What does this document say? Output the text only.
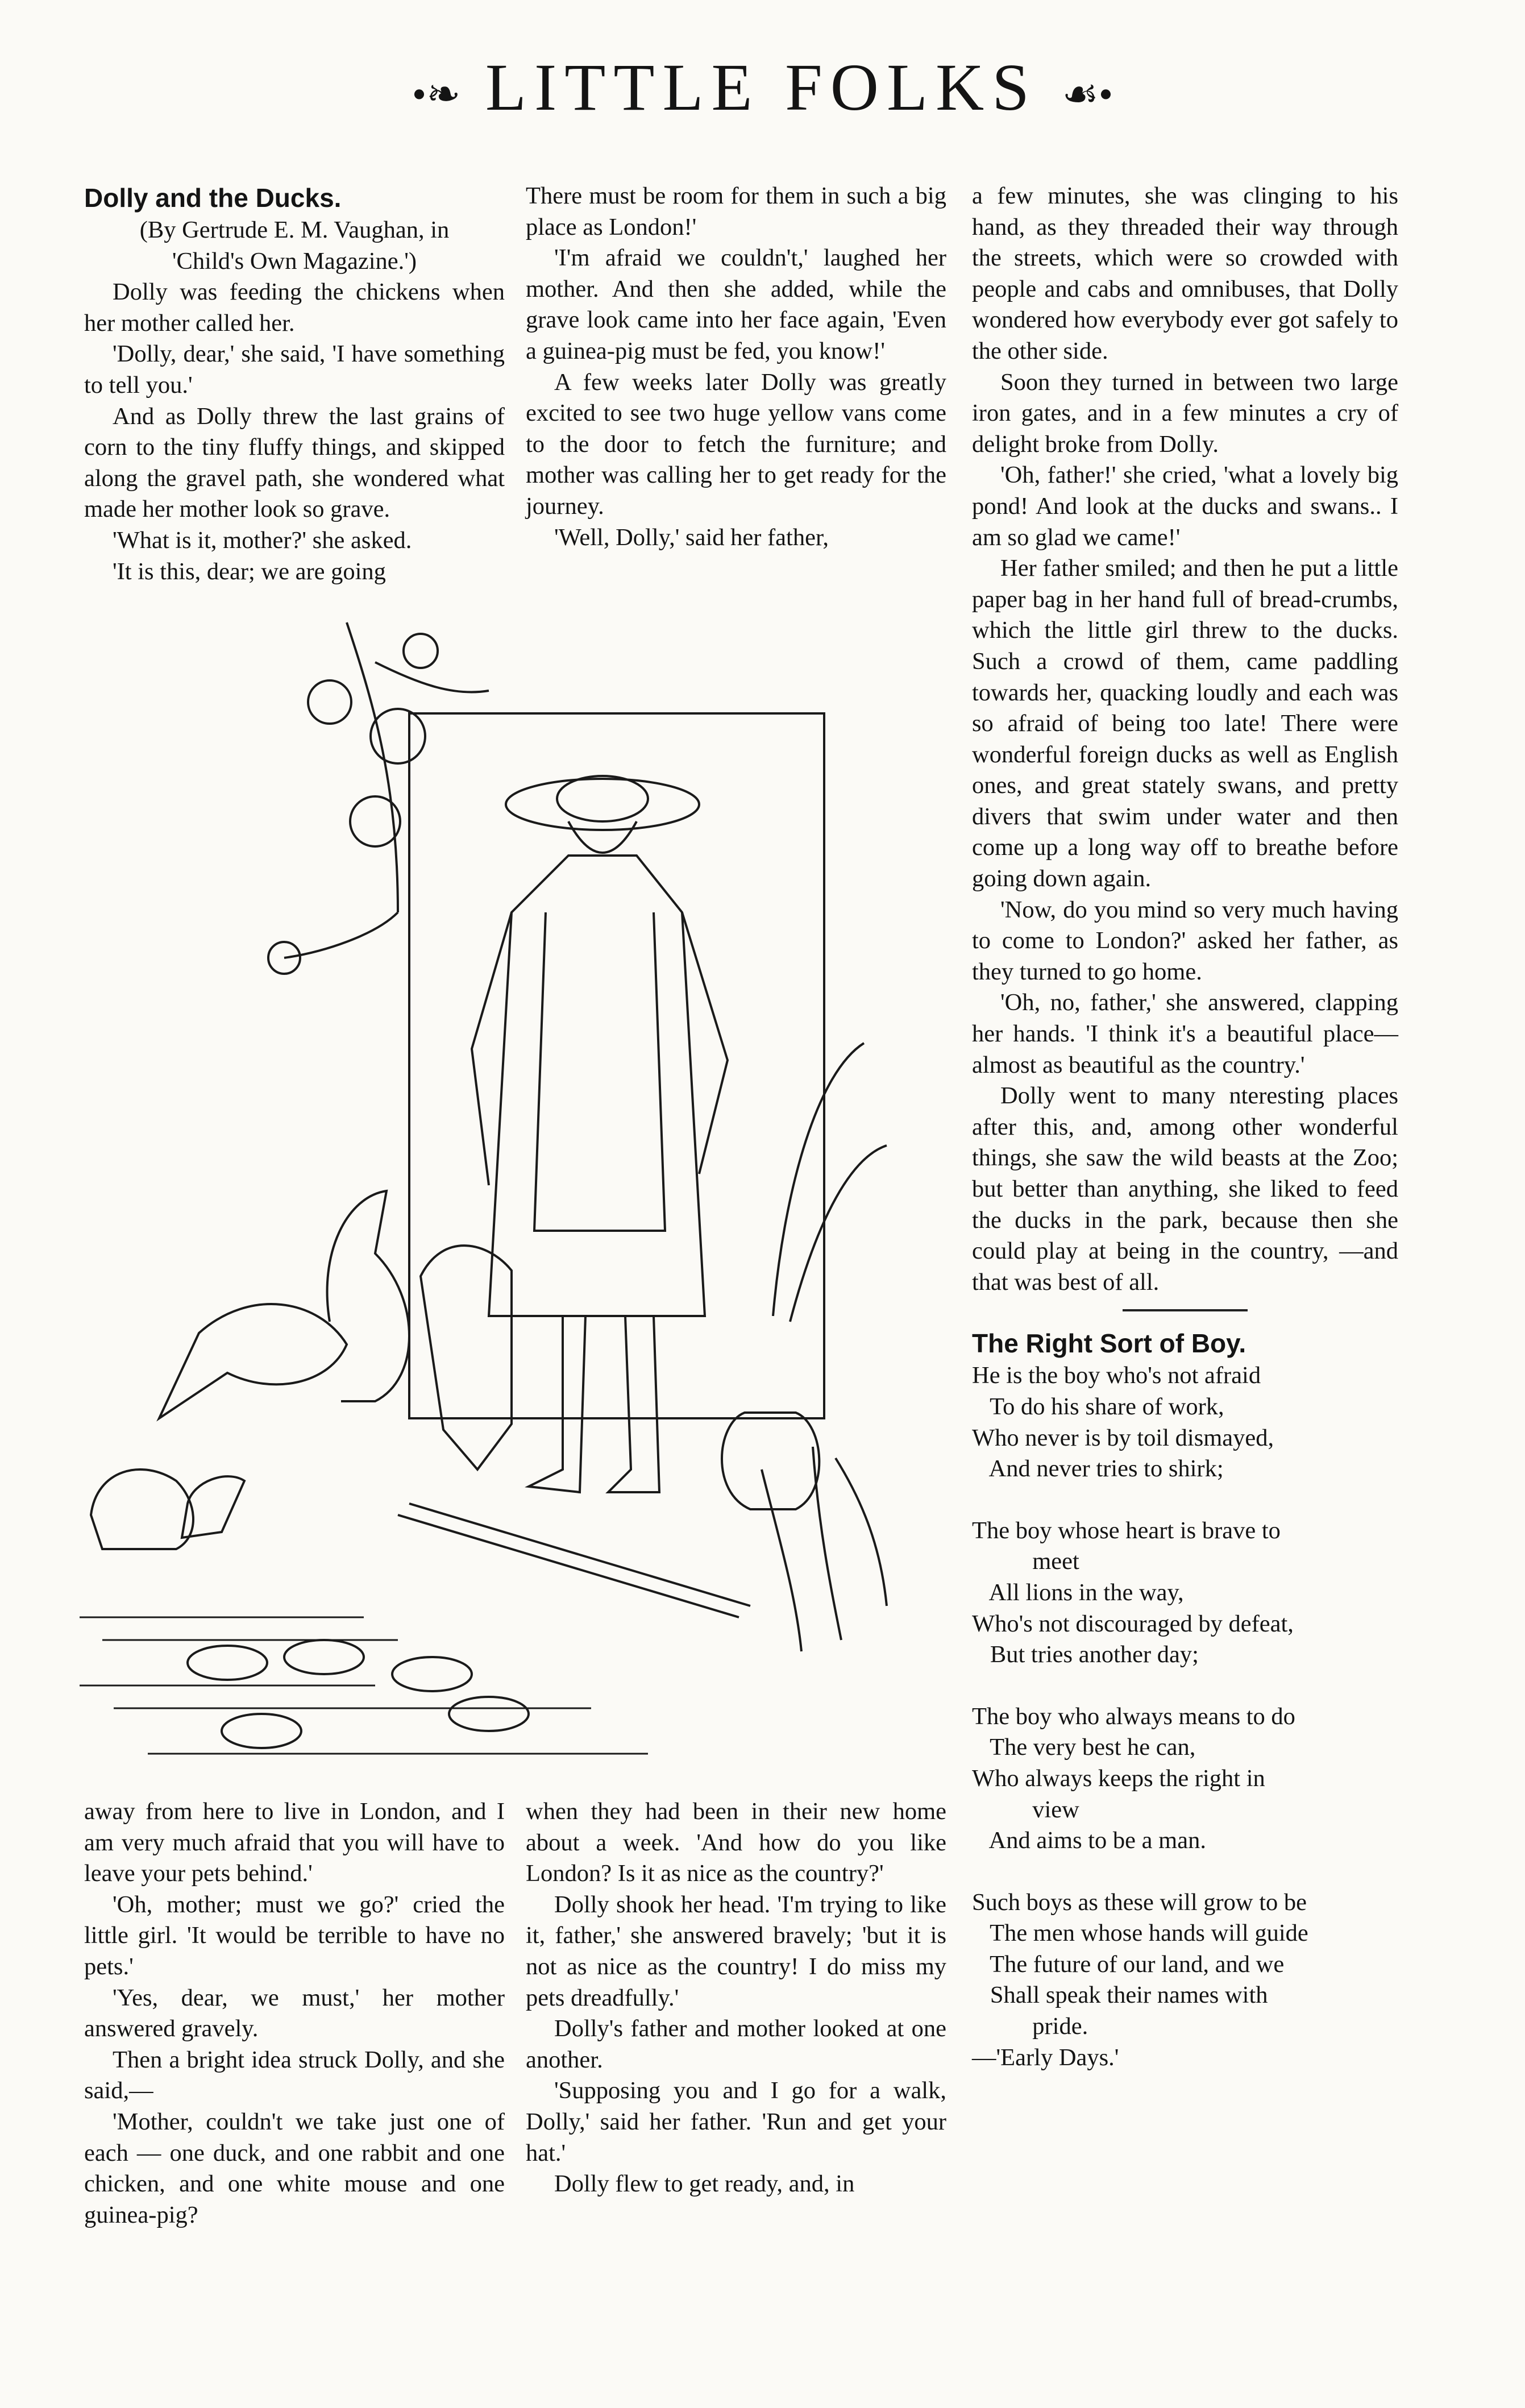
•❧ LITTLE FOLKS ☙•

Dolly and the Ducks.

(By Gertrude E. M. Vaughan, in

'Child's Own Magazine.')

Dolly was feeding the chickens when her mother called her.

'Dolly, dear,' she said, 'I have something to tell you.'

And as Dolly threw the last grains of corn to the tiny fluffy things, and skipped along the gravel path, she wondered what made her mother look so grave.

'What is it, mother?' she asked.

'It is this, dear; we are going

There must be room for them in such a big place as London!'

'I'm afraid we couldn't,' laughed her mother. And then she added, while the grave look came into her face again, 'Even a guinea-pig must be fed, you know!'

A few weeks later Dolly was greatly excited to see two huge yellow vans come to the door to fetch the furniture; and mother was calling her to get ready for the journey.

'Well, Dolly,' said her father,

away from here to live in London, and I am very much afraid that you will have to leave your pets behind.'

'Oh, mother; must we go?' cried the little girl. 'It would be terrible to have no pets.'

'Yes, dear, we must,' her mother answered gravely.

Then a bright idea struck Dolly, and she said,—

'Mother, couldn't we take just one of each — one duck, and one rabbit and one chicken, and one white mouse and one guinea-pig?

when they had been in their new home about a week. 'And how do you like London? Is it as nice as the country?'

Dolly shook her head. 'I'm trying to like it, father,' she answered bravely; 'but it is not as nice as the country! I do miss my pets dreadfully.'

Dolly's father and mother looked at one another.

'Supposing you and I go for a walk, Dolly,' said her father. 'Run and get your hat.'

Dolly flew to get ready, and, in

a few minutes, she was clinging to his hand, as they threaded their way through the streets, which were so crowded with people and cabs and omnibuses, that Dolly wondered how everybody ever got safely to the other side.

Soon they turned in between two large iron gates, and in a few minutes a cry of delight broke from Dolly.

'Oh, father!' she cried, 'what a lovely big pond! And look at the ducks and swans.. I am so glad we came!'

Her father smiled; and then he put a little paper bag in her hand full of bread-crumbs, which the little girl threw to the ducks. Such a crowd of them, came paddling towards her, quacking loudly and each was so afraid of being too late! There were wonderful foreign ducks as well as English ones, and great stately swans, and pretty divers that swim under water and then come up a long way off to breathe before going down again.

'Now, do you mind so very much having to come to London?' asked her father, as they turned to go home.

'Oh, no, father,' she answered, clapping her hands. 'I think it's a beautiful place—almost as beautiful as the country.'

Dolly went to many nteresting places after this, and, among other wonderful things, she saw the wild beasts at the Zoo; but better than anything, she liked to feed the ducks in the park, because then she could play at being in the country, —and that was best of all.

The Right Sort of Boy.

He is the boy who's not afraid

To do his share of work,

Who never is by toil dismayed,

And never tries to shirk;

The boy whose heart is brave to

meet

All lions in the way,

Who's not discouraged by defeat,

But tries another day;

The boy who always means to do

The very best he can,

Who always keeps the right in

view

And aims to be a man.

Such boys as these will grow to be

The men whose hands will guide

The future of our land, and we

Shall speak their names with

pride.

—'Early Days.'
